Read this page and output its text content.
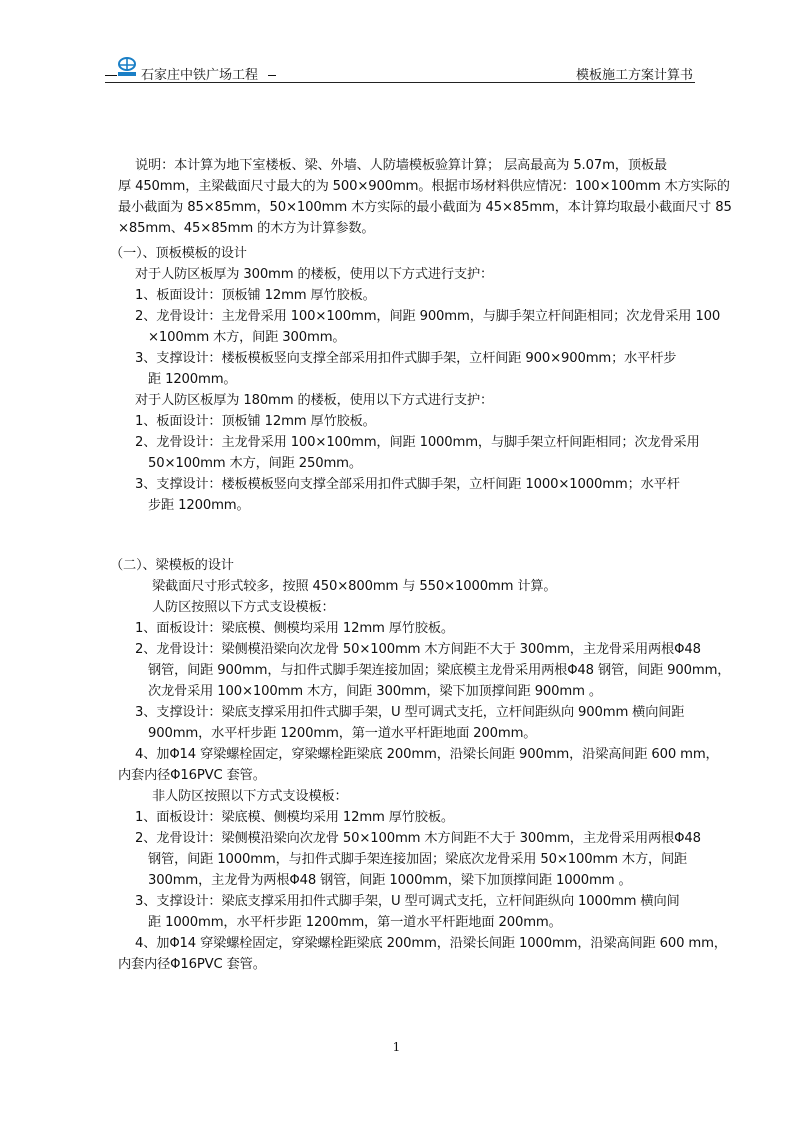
石家庄中铁广场工程	模板施工方案计算书
说明：本计算为地下室楼板、梁、外墙、人防墙模板验算计算； 层高最高为 5.07m，顶板最
厚 450mm，主梁截面尺寸最大的为 500×900mm。根据市场材料供应情况：100×100mm 木方实际的
最小截面为 85×85mm，50×100mm 木方实际的最小截面为 45×85mm，本计算均取最小截面尺寸 85
×85mm、45×85mm 的木方为计算参数。
（一）、顶板模板的设计
对于人防区板厚为 300mm 的楼板，使用以下方式进行支护：
1、板面设计：顶板铺 12mm 厚竹胶板。
2、龙骨设计：主龙骨采用 100×100mm，间距 900mm，与脚手架立杆间距相同；次龙骨采用 100
×100mm 木方，间距 300mm。
3、支撑设计：楼板模板竖向支撑全部采用扣件式脚手架，立杆间距 900×900mm；水平杆步
距 1200mm。
对于人防区板厚为 180mm 的楼板，使用以下方式进行支护：
1、板面设计：顶板铺 12mm 厚竹胶板。
2、龙骨设计：主龙骨采用 100×100mm，间距 1000mm，与脚手架立杆间距相同；次龙骨采用
50×100mm 木方，间距 250mm。
3、支撑设计：楼板模板竖向支撑全部采用扣件式脚手架，立杆间距 1000×1000mm；水平杆
步距 1200mm。
（二）、梁模板的设计
梁截面尺寸形式较多，按照 450×800mm 与 550×1000mm 计算。
人防区按照以下方式支设模板：
1、面板设计：梁底模、侧模均采用 12mm 厚竹胶板。
2、龙骨设计：梁侧模沿梁向次龙骨 50×100mm 木方间距不大于 300mm，主龙骨采用两根Φ48
钢管，间距 900mm，与扣件式脚手架连接加固；梁底模主龙骨采用两根Φ48 钢管，间距 900mm，
次龙骨采用 100×100mm 木方，间距 300mm，梁下加顶撑间距 900mm 。
3、支撑设计：梁底支撑采用扣件式脚手架，U 型可调式支托，立杆间距纵向 900mm 横向间距
900mm，水平杆步距 1200mm，第一道水平杆距地面 200mm。
4、加Φ14 穿梁螺栓固定，穿梁螺栓距梁底 200mm，沿梁长间距 900mm，沿梁高间距 600 mm，
内套内径Φ16PVC 套管。
非人防区按照以下方式支设模板：
1、面板设计：梁底模、侧模均采用 12mm 厚竹胶板。
2、龙骨设计：梁侧模沿梁向次龙骨 50×100mm 木方间距不大于 300mm，主龙骨采用两根Φ48
钢管，间距 1000mm，与扣件式脚手架连接加固；梁底次龙骨采用 50×100mm 木方，间距
300mm，主龙骨为两根Φ48 钢管，间距 1000mm，梁下加顶撑间距 1000mm 。
3、支撑设计：梁底支撑采用扣件式脚手架，U 型可调式支托，立杆间距纵向 1000mm 横向间
距 1000mm，水平杆步距 1200mm，第一道水平杆距地面 200mm。
4、加Φ14 穿梁螺栓固定，穿梁螺栓距梁底 200mm，沿梁长间距 1000mm，沿梁高间距 600 mm，
内套内径Φ16PVC 套管。
1
